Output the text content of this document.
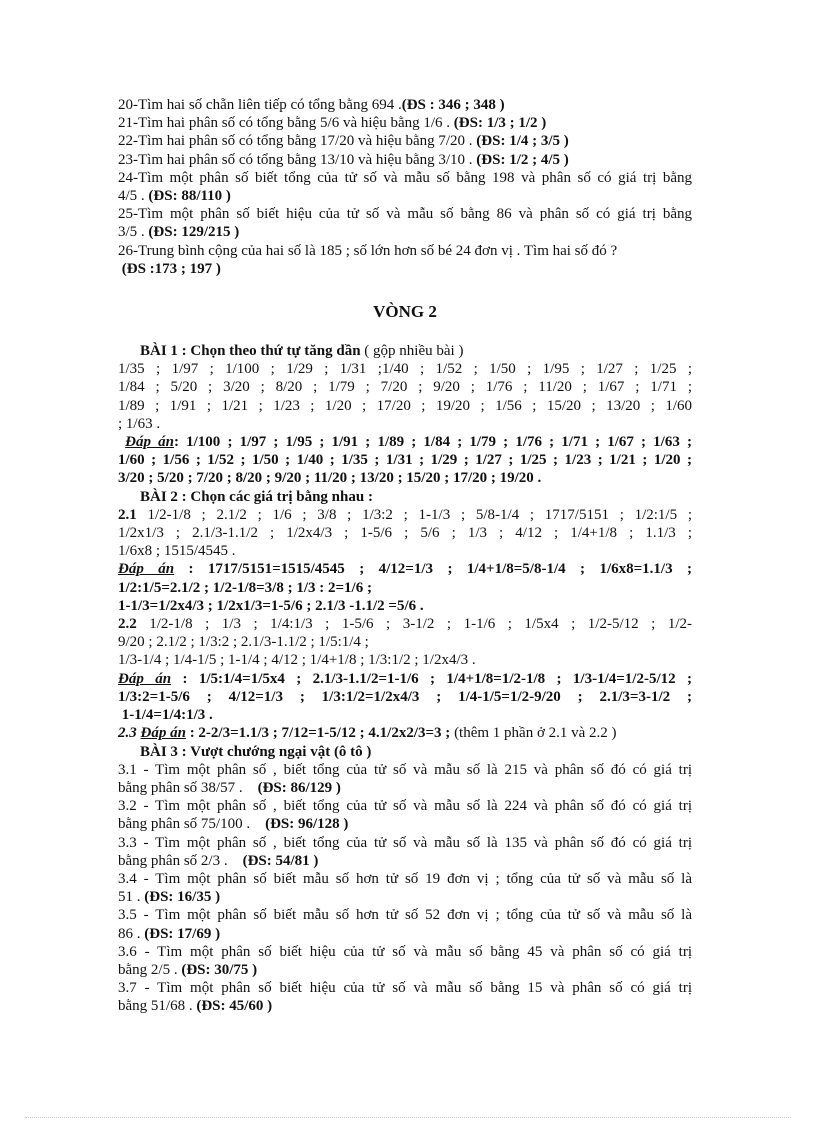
20-Tìm hai số chẵn liên tiếp có tổng bằng 694 .(ĐS : 346 ; 348 )
21-Tìm hai phân số có tổng bằng 5/6 và hiệu bằng 1/6 . (ĐS: 1/3 ; 1/2 )
22-Tìm hai phân số có tổng bằng 17/20 và hiệu bằng 7/20 . (ĐS: 1/4 ; 3/5 )
23-Tìm hai phân số có tổng bằng 13/10 và hiệu bằng 3/10 . (ĐS: 1/2 ; 4/5 )
24-Tìm một phân số biết tổng của tử số và mẫu số bằng 198 và phân số có giá trị bằng
4/5 . (ĐS: 88/110 )
25-Tìm một phân số biết hiệu của tử số và mẫu số bằng 86 và phân số có giá trị bằng
3/5 . (ĐS: 129/215 )
26-Trung bình cộng của hai số là 185 ; số lớn hơn số bé 24 đơn vị . Tìm hai số đó ?
(ĐS :173 ; 197 )
VÒNG 2
BÀI 1 : Chọn theo thứ tự tăng dần ( gộp nhiều bài )
1/35 ; 1/97 ; 1/100 ; 1/29 ; 1/31 ;1/40 ; 1/52 ; 1/50 ; 1/95 ; 1/27 ; 1/25 ;
1/84 ; 5/20 ; 3/20 ; 8/20 ; 1/79 ; 7/20 ; 9/20 ; 1/76 ; 11/20 ; 1/67 ; 1/71 ;
1/89 ; 1/91 ; 1/21 ; 1/23 ; 1/20 ; 17/20 ; 19/20 ; 1/56 ; 15/20 ; 13/20 ; 1/60
; 1/63 .
Đáp án: 1/100 ; 1/97 ; 1/95 ; 1/91 ; 1/89 ; 1/84 ; 1/79 ; 1/76 ; 1/71 ; 1/67 ; 1/63 ;
1/60 ; 1/56 ; 1/52 ; 1/50 ; 1/40 ; 1/35 ; 1/31 ; 1/29 ; 1/27 ; 1/25 ; 1/23 ; 1/21 ; 1/20 ;
3/20 ; 5/20 ; 7/20 ; 8/20 ; 9/20 ; 11/20 ; 13/20 ; 15/20 ; 17/20 ; 19/20 .
BÀI 2 : Chọn các giá trị bằng nhau :
2.1 1/2-1/8 ; 2.1/2 ; 1/6 ; 3/8 ; 1/3:2 ; 1-1/3 ; 5/8-1/4 ; 1717/5151 ; 1/2:1/5 ;
1/2x1/3 ; 2.1/3-1.1/2 ; 1/2x4/3 ; 1-5/6 ; 5/6 ; 1/3 ; 4/12 ; 1/4+1/8 ; 1.1/3 ;
1/6x8 ; 1515/4545 .
Đáp án : 1717/5151=1515/4545 ; 4/12=1/3 ; 1/4+1/8=5/8-1/4 ; 1/6x8=1.1/3 ;
1/2:1/5=2.1/2 ; 1/2-1/8=3/8 ; 1/3 : 2=1/6 ;
1-1/3=1/2x4/3 ; 1/2x1/3=1-5/6 ; 2.1/3 -1.1/2 =5/6 .
2.2 1/2-1/8 ; 1/3 ; 1/4:1/3 ; 1-5/6 ; 3-1/2 ; 1-1/6 ; 1/5x4 ; 1/2-5/12 ; 1/2-
9/20 ; 2.1/2 ; 1/3:2 ; 2.1/3-1.1/2 ; 1/5:1/4 ;
1/3-1/4 ; 1/4-1/5 ; 1-1/4 ; 4/12 ; 1/4+1/8 ; 1/3:1/2 ; 1/2x4/3 .
Đáp án : 1/5:1/4=1/5x4 ; 2.1/3-1.1/2=1-1/6 ; 1/4+1/8=1/2-1/8 ; 1/3-1/4=1/2-5/12 ;
1/3:2=1-5/6 ; 4/12=1/3 ; 1/3:1/2=1/2x4/3 ; 1/4-1/5=1/2-9/20 ; 2.1/3=3-1/2 ;
1-1/4=1/4:1/3 .
2.3 Đáp án : 2-2/3=1.1/3 ; 7/12=1-5/12 ; 4.1/2x2/3=3 ; (thêm 1 phần ở 2.1 và 2.2 )
BÀI 3 : Vượt chướng ngại vật (ô tô )
3.1 - Tìm một phân số , biết tổng của tử số và mẫu số là 215 và phân số đó có giá trị
bằng phân số 38/57 . (ĐS: 86/129 )
3.2 - Tìm một phân số , biết tổng của tử số và mẫu số là 224 và phân số đó có giá trị
bằng phân số 75/100 . (ĐS: 96/128 )
3.3 - Tìm một phân số , biết tổng của tử số và mẫu số là 135 và phân số đó có giá trị
bằng phân số 2/3 . (ĐS: 54/81 )
3.4 - Tìm một phân số biết mẫu số hơn tử số 19 đơn vị ; tổng của tử số và mẫu số là
51 . (ĐS: 16/35 )
3.5 - Tìm một phân số biết mẫu số hơn tử số 52 đơn vị ; tổng của tử số và mẫu số là
86 . (ĐS: 17/69 )
3.6 - Tìm một phân số biết hiệu của tử số và mẫu số bằng 45 và phân số có giá trị
bằng 2/5 . (ĐS: 30/75 )
3.7 - Tìm một phân số biết hiệu của tử số và mẫu số bằng 15 và phân số có giá trị
bằng 51/68 . (ĐS: 45/60 )
